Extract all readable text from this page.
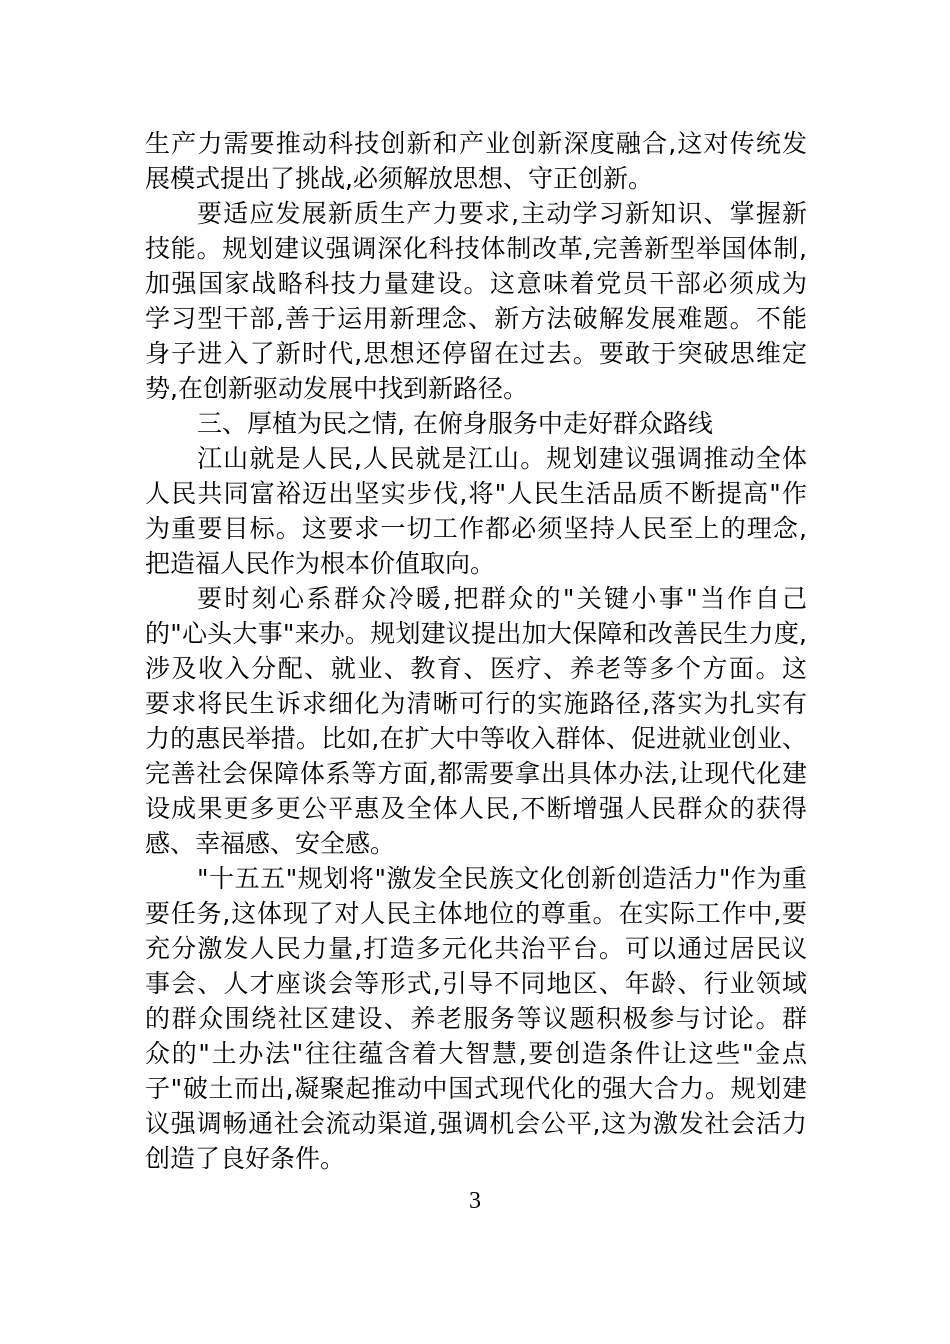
生产力需要推动科技创新和产业创新深度融合,这对传统发
展模式提出了挑战,必须解放思想、守正创新。
要适应发展新质生产力要求,主动学习新知识、掌握新
技能。规划建议强调深化科技体制改革,完善新型举国体制,
加强国家战略科技力量建设。这意味着党员干部必须成为
学习型干部,善于运用新理念、新方法破解发展难题。不能
身子进入了新时代,思想还停留在过去。要敢于突破思维定
势,在创新驱动发展中找到新路径。
三、厚植为民之情, 在俯身服务中走好群众路线
江山就是人民,人民就是江山。规划建议强调推动全体
人民共同富裕迈出坚实步伐,将"人民生活品质不断提高"作
为重要目标。这要求一切工作都必须坚持人民至上的理念,
把造福人民作为根本价值取向。
要时刻心系群众冷暖,把群众的"关键小事"当作自己
的"心头大事"来办。规划建议提出加大保障和改善民生力度,
涉及收入分配、就业、教育、医疗、养老等多个方面。这
要求将民生诉求细化为清晰可行的实施路径,落实为扎实有
力的惠民举措。比如,在扩大中等收入群体、促进就业创业、
完善社会保障体系等方面,都需要拿出具体办法,让现代化建
设成果更多更公平惠及全体人民,不断增强人民群众的获得
感、幸福感、安全感。
"十五五"规划将"激发全民族文化创新创造活力"作为重
要任务,这体现了对人民主体地位的尊重。在实际工作中,要
充分激发人民力量,打造多元化共治平台。可以通过居民议
事会、人才座谈会等形式,引导不同地区、年龄、行业领域
的群众围绕社区建设、养老服务等议题积极参与讨论。群
众的"土办法"往往蕴含着大智慧,要创造条件让这些"金点
子"破土而出,凝聚起推动中国式现代化的强大合力。规划建
议强调畅通社会流动渠道,强调机会公平,这为激发社会活力
创造了良好条件。
3
